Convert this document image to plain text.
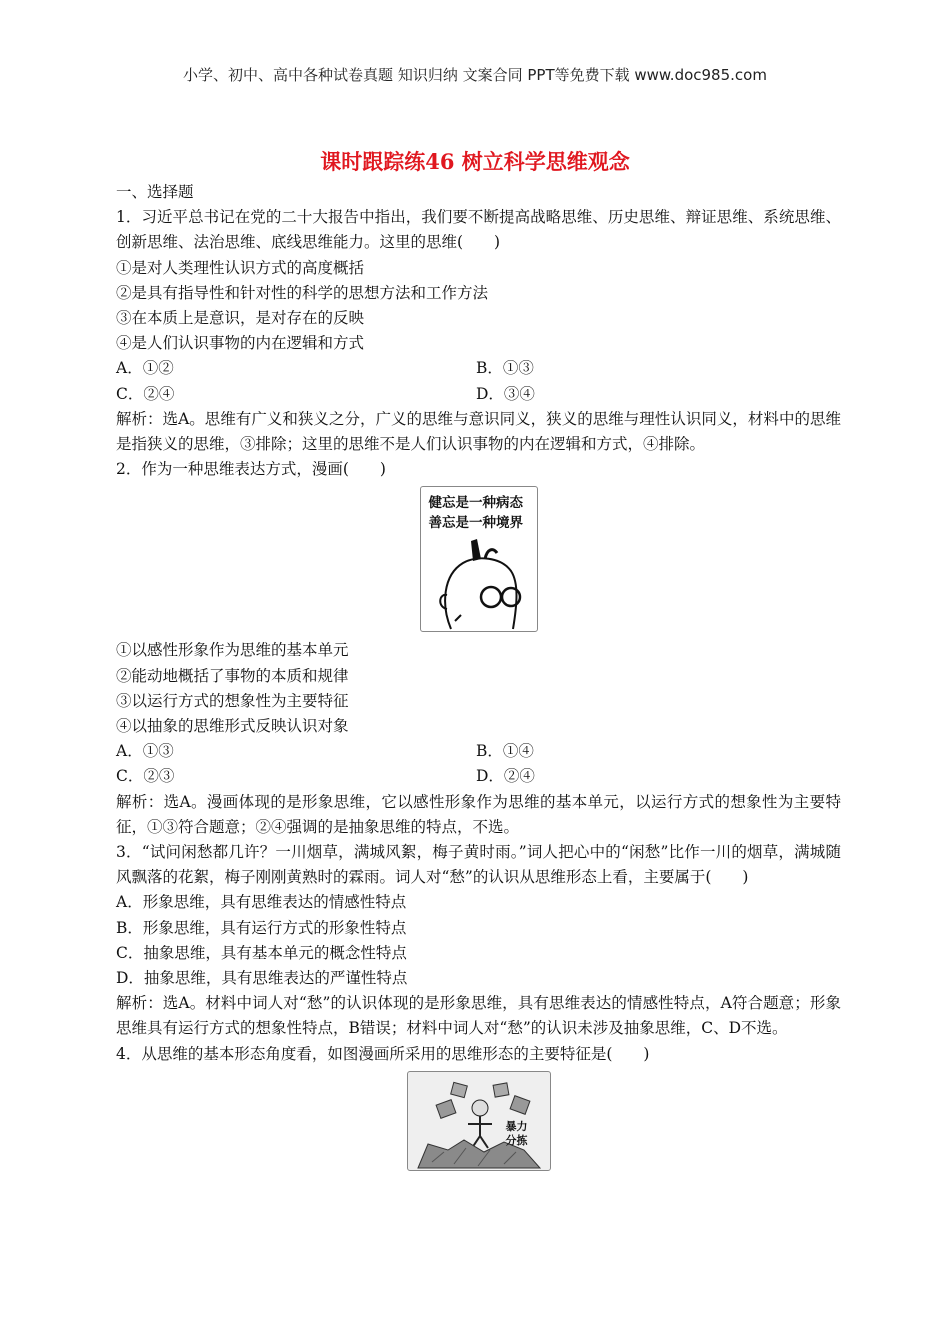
小学、初中、高中各种试卷真题 知识归纳 文案合同 PPT等免费下载 www.doc985.com
课时跟踪练46 树立科学思维观念
一、选择题
1．习近平总书记在党的二十大报告中指出，我们要不断提高战略思维、历史思维、辩证思维、系统思维、创新思维、法治思维、底线思维能力。这里的思维(　　)
①是对人类理性认识方式的高度概括
②是具有指导性和针对性的科学的思想方法和工作方法
③在本质上是意识，是对存在的反映
④是人们认识事物的内在逻辑和方式
A．①②	B．①③
C．②④	D．③④
解析：选A。思维有广义和狭义之分，广义的思维与意识同义，狭义的思维与理性认识同义，材料中的思维是指狭义的思维，③排除；这里的思维不是人们认识事物的内在逻辑和方式，④排除。
2．作为一种思维表达方式，漫画(　　)
健忘是一种病态
善忘是一种境界
①以感性形象作为思维的基本单元
②能动地概括了事物的本质和规律
③以运行方式的想象性为主要特征
④以抽象的思维形式反映认识对象
A．①③	B．①④
C．②③	D．②④
解析：选A。漫画体现的是形象思维，它以感性形象作为思维的基本单元，以运行方式的想象性为主要特征，①③符合题意；②④强调的是抽象思维的特点，不选。
3．“试问闲愁都几许？一川烟草，满城风絮，梅子黄时雨。”词人把心中的“闲愁”比作一川的烟草，满城随风飘落的花絮，梅子刚刚黄熟时的霖雨。词人对“愁”的认识从思维形态上看，主要属于(　　)
A．形象思维，具有思维表达的情感性特点
B．形象思维，具有运行方式的形象性特点
C．抽象思维，具有基本单元的概念性特点
D．抽象思维，具有思维表达的严谨性特点
解析：选A。材料中词人对“愁”的认识体现的是形象思维，具有思维表达的情感性特点，A符合题意；形象思维具有运行方式的想象性特点，B错误；材料中词人对“愁”的认识未涉及抽象思维，C、D不选。
4．从思维的基本形态角度看，如图漫画所采用的思维形态的主要特征是(　　)
暴力
分拣
